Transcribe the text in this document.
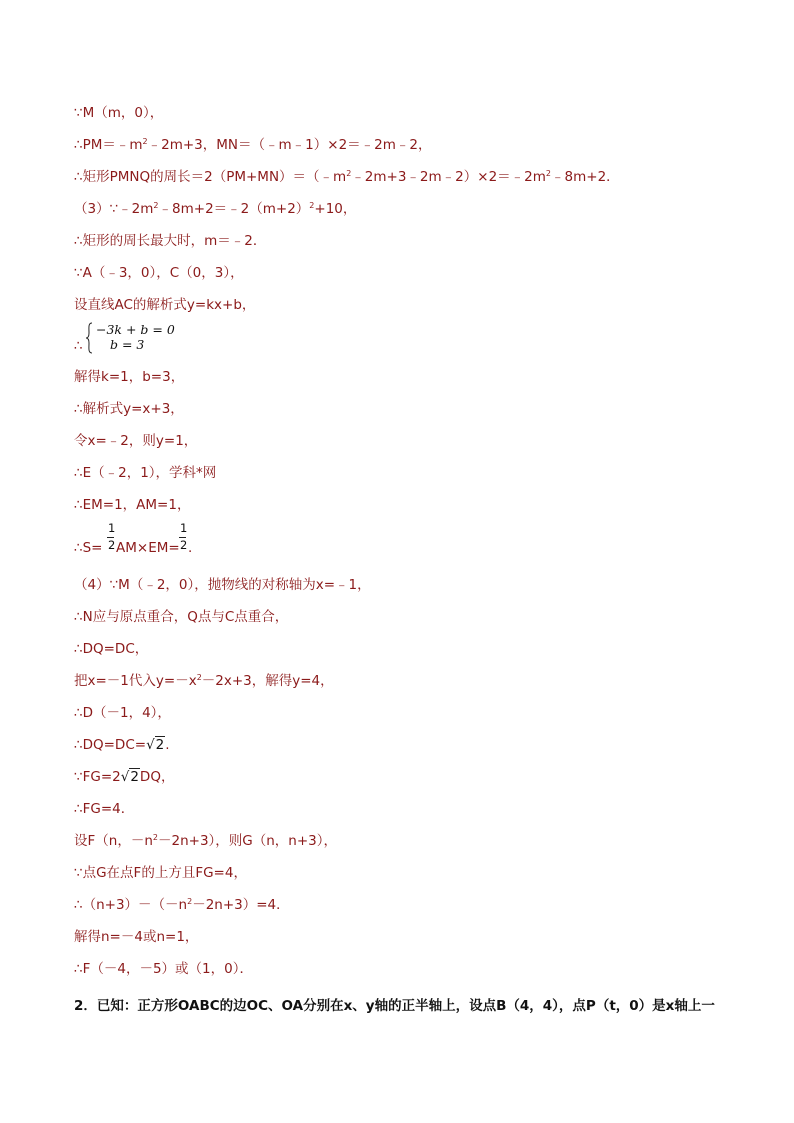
∵M（m，0），
$\therefore PM=﹣m^2﹣2m+3$，MN＝（﹣m﹣1）×2＝﹣2m﹣2，
∴矩形PMNQ的周长$=2(PM+MN)=(﹣m^2﹣2m+3﹣2m﹣2)\times 2=﹣2m^2﹣8m+2$．
$(3)\because﹣2m^2﹣8m+2=﹣2(m+2)^2+10$，
∴矩形的周长最大时，m＝﹣2．
∵A（﹣3，0），C（0，3），
设直线AC的解析式y=kx+b，
∴
−3k + b = 0
b = 3
解得k=1，b=3，
∴解析式y=x+3，
令x=﹣2，则y=1，
∴E（﹣2，1），学科*网
∴EM=1，AM=1，
∴S=
1
2 AM×EM=
1
2 .
（4）∵M（﹣2，0），抛物线的对称轴为x=﹣1，
∴N应与原点重合，Q点与C点重合，
∴DQ=DC，
把x=－1代入$y=-x^2-2x+3$，解得y=4，
∴D（－1，4），
∴DQ=DC=√2.
∵FG=2√2DQ，
∴FG=4．
设F（n，$-n^2-2n+3$），则G（n，n+3），
∵点G在点F的上方且FG=4，
$\therefore(n+3)-(-n^2-2n+3)=4$．
解得n=－4或n=1，
∴F（－4，－5）或（1，0）．
2．已知：正方形OABC的边OC、OA分别在x、y轴的正半轴上，设点B（4，4），点P（t，0）是x轴上一
